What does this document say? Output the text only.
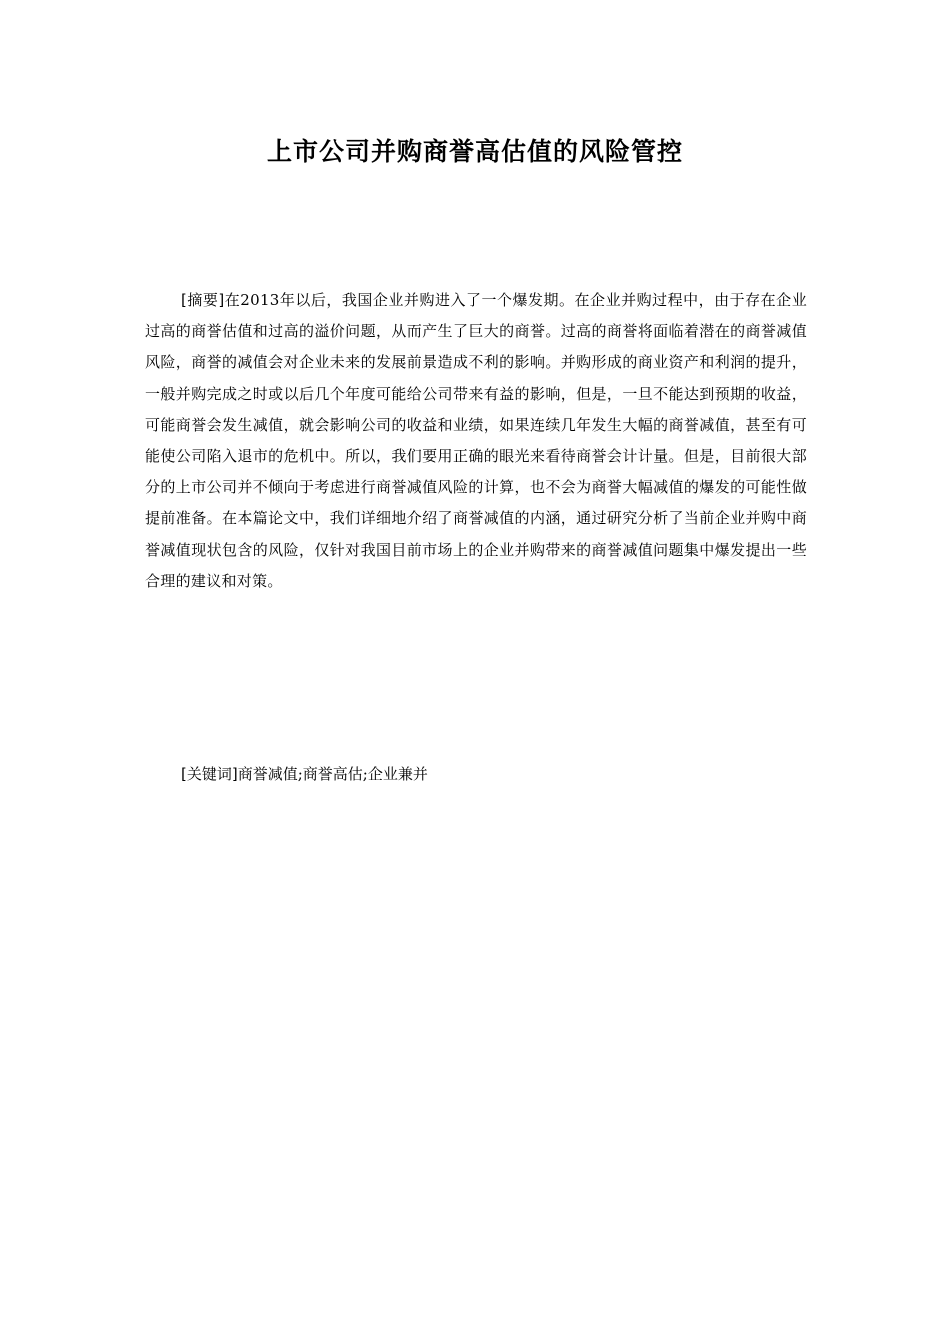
上市公司并购商誉高估值的风险管控

[摘要]在2013年以后，我国企业并购进入了一个爆发期。在企业并购过程中，由于存在企业过高的商誉估值和过高的溢价问题，从而产生了巨大的商誉。过高的商誉将面临着潜在的商誉减值风险，商誉的减值会对企业未来的发展前景造成不利的影响。并购形成的商业资产和利润的提升，一般并购完成之时或以后几个年度可能给公司带来有益的影响，但是，一旦不能达到预期的收益，可能商誉会发生减值，就会影响公司的收益和业绩，如果连续几年发生大幅的商誉减值，甚至有可能使公司陷入退市的危机中。所以，我们要用正确的眼光来看待商誉会计计量。但是，目前很大部分的上市公司并不倾向于考虑进行商誉减值风险的计算，也不会为商誉大幅减值的爆发的可能性做提前准备。在本篇论文中，我们详细地介绍了商誉减值的内涵，通过研究分析了当前企业并购中商誉减值现状包含的风险，仅针对我国目前市场上的企业并购带来的商誉减值问题集中爆发提出一些合理的建议和对策。

[关键词]商誉减值;商誉高估;企业兼并
